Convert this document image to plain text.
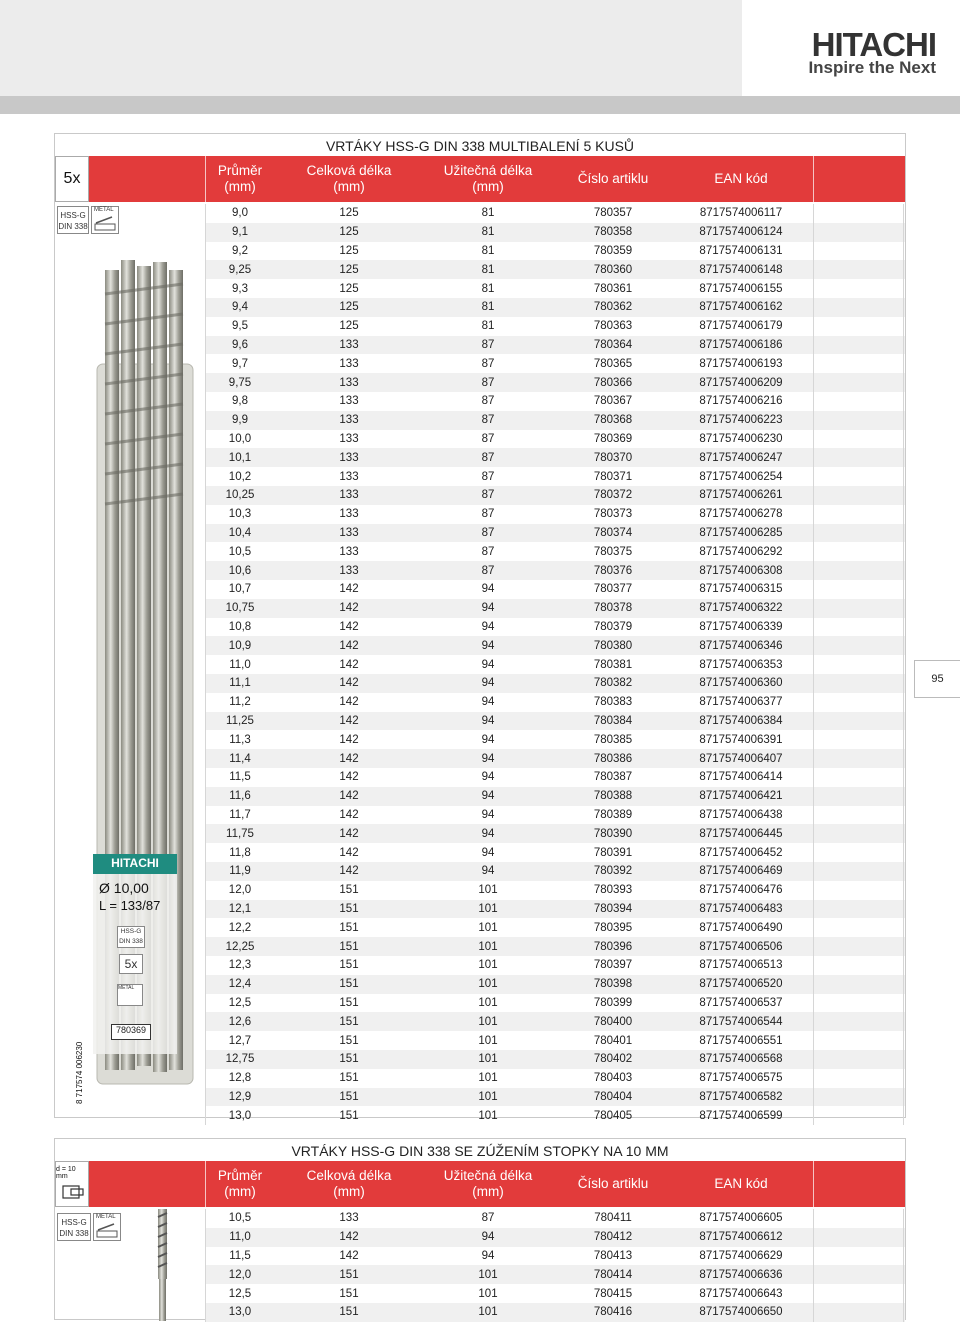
HITACHI
Inspire the Next
VRTÁKY HSS-G DIN 338 MULTIBALENÍ 5 KUSŮ
5x	Průměr
(mm)
Celková délka
(mm)
Užitečná délka
(mm)
Číslo artiklu	EAN kód
HSS-G
DIN 338
METAL
HITACHI
Ø 10,00
L = 133/87
HSS-G
DIN 338
5x
METAL
780369
8 717574 006230
9,0	125	81	780357	8717574006117
9,1	125	81	780358	8717574006124
9,2	125	81	780359	8717574006131
9,25	125	81	780360	8717574006148
9,3	125	81	780361	8717574006155
9,4	125	81	780362	8717574006162
9,5	125	81	780363	8717574006179
9,6	133	87	780364	8717574006186
9,7	133	87	780365	8717574006193
9,75	133	87	780366	8717574006209
9,8	133	87	780367	8717574006216
9,9	133	87	780368	8717574006223
10,0	133	87	780369	8717574006230
10,1	133	87	780370	8717574006247
10,2	133	87	780371	8717574006254
10,25	133	87	780372	8717574006261
10,3	133	87	780373	8717574006278
10,4	133	87	780374	8717574006285
10,5	133	87	780375	8717574006292
10,6	133	87	780376	8717574006308
10,7	142	94	780377	8717574006315
10,75	142	94	780378	8717574006322
10,8	142	94	780379	8717574006339
10,9	142	94	780380	8717574006346
11,0	142	94	780381	8717574006353
11,1	142	94	780382	8717574006360
11,2	142	94	780383	8717574006377
11,25	142	94	780384	8717574006384
11,3	142	94	780385	8717574006391
11,4	142	94	780386	8717574006407
11,5	142	94	780387	8717574006414
11,6	142	94	780388	8717574006421
11,7	142	94	780389	8717574006438
11,75	142	94	780390	8717574006445
11,8	142	94	780391	8717574006452
11,9	142	94	780392	8717574006469
12,0	151	101	780393	8717574006476
12,1	151	101	780394	8717574006483
12,2	151	101	780395	8717574006490
12,25	151	101	780396	8717574006506
12,3	151	101	780397	8717574006513
12,4	151	101	780398	8717574006520
12,5	151	101	780399	8717574006537
12,6	151	101	780400	8717574006544
12,7	151	101	780401	8717574006551
12,75	151	101	780402	8717574006568
12,8	151	101	780403	8717574006575
12,9	151	101	780404	8717574006582
13,0	151	101	780405	8717574006599
VRTÁKY HSS-G DIN 338 SE ZÚŽENÍM STOPKY NA 10 MM
d = 10 mm	Průměr
(mm)
Celková délka
(mm)
Užitečná délka
(mm)
Číslo artiklu	EAN kód
HSS-G
DIN 338
METAL	10,5	133	87	780411	8717574006605
11,0	142	94	780412	8717574006612
11,5	142	94	780413	8717574006629
12,0	151	101	780414	8717574006636
12,5	151	101	780415	8717574006643
13,0	151	101	780416	8717574006650
95
